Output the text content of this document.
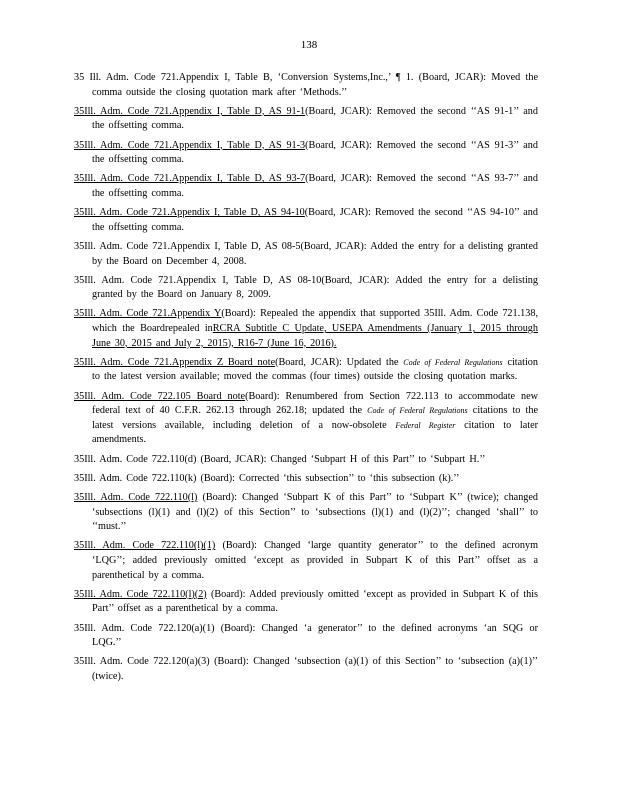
138

35 Ill. Adm. Code 721.Appendix I, Table B, ‘Conversion Systems,Inc.,’ ¶ 1. (Board, JCAR): Moved the comma outside the closing quotation mark after ‘Methods.’’

35Ill. Adm. Code 721.Appendix I, Table D, AS 91-1(Board, JCAR): Removed the second ‘‘AS 91-1’’ and the offsetting comma.

35Ill. Adm. Code 721.Appendix I, Table D, AS 91-3(Board, JCAR): Removed the second ‘‘AS 91-3’’ and the offsetting comma.

35Ill. Adm. Code 721.Appendix I, Table D, AS 93-7(Board, JCAR): Removed the second ‘‘AS 93-7’’ and the offsetting comma.

35Ill. Adm. Code 721.Appendix I, Table D, AS 94-10(Board, JCAR): Removed the second ‘‘AS 94-10’’ and the offsetting comma.

35Ill. Adm. Code 721.Appendix I, Table D, AS 08-5(Board, JCAR): Added the entry for a delisting granted by the Board on December 4, 2008.

35Ill. Adm. Code 721.Appendix I, Table D, AS 08-10(Board, JCAR): Added the entry for a delisting granted by the Board on January 8, 2009.

35Ill. Adm. Code 721.Appendix Y(Board): Repealed the appendix that supported 35Ill. Adm. Code 721.138, which the Boardrepealed inRCRA Subtitle C Update, USEPA Amendments (January 1, 2015 through June 30, 2015 and July 2, 2015), R16-7 (June 16, 2016).

35Ill. Adm. Code 721.Appendix Z Board note(Board, JCAR): Updated the Code of Federal Regulations citation to the latest version available; moved the commas (four times) outside the closing quotation marks.

35Ill. Adm. Code 722.105 Board note(Board): Renumbered from Section 722.113 to accommodate new federal text of 40 C.F.R. 262.13 through 262.18; updated the Code of Federal Regulations citations to the latest versions available, including deletion of a now-obsolete Federal Register citation to later amendments.

35Ill. Adm. Code 722.110(d) (Board, JCAR): Changed ‘Subpart H of this Part’’ to ‘Subpart H.’’

35Ill. Adm. Code 722.110(k) (Board): Corrected ‘this subsection’’ to ‘this subsection (k).’’

35Ill. Adm. Code 722.110(l) (Board): Changed ‘Subpart K of this Part’’ to ‘Subpart K’’ (twice); changed ‘subsections (l)(1) and (l)(2) of this Section’’ to ‘subsections (l)(1) and (l)(2)’’; changed ‘shall’’ to ‘‘must.’’

35Ill. Adm. Code 722.110(l)(1) (Board): Changed ‘large quantity generator’’ to the defined acronym ‘LQG’’; added previously omitted ‘except as provided in Subpart K of this Part’’ offset as a parenthetical by a comma.

35Ill. Adm. Code 722.110(l)(2) (Board): Added previously omitted ‘except as provided in Subpart K of this Part’’ offset as a parenthetical by a comma.

35Ill. Adm. Code 722.120(a)(1) (Board): Changed ‘a generator’’ to the defined acronyms ‘an SQG or LQG.’’

35Ill. Adm. Code 722.120(a)(3) (Board): Changed ‘subsection (a)(1) of this Section’’ to ‘subsection (a)(1)’’ (twice).
